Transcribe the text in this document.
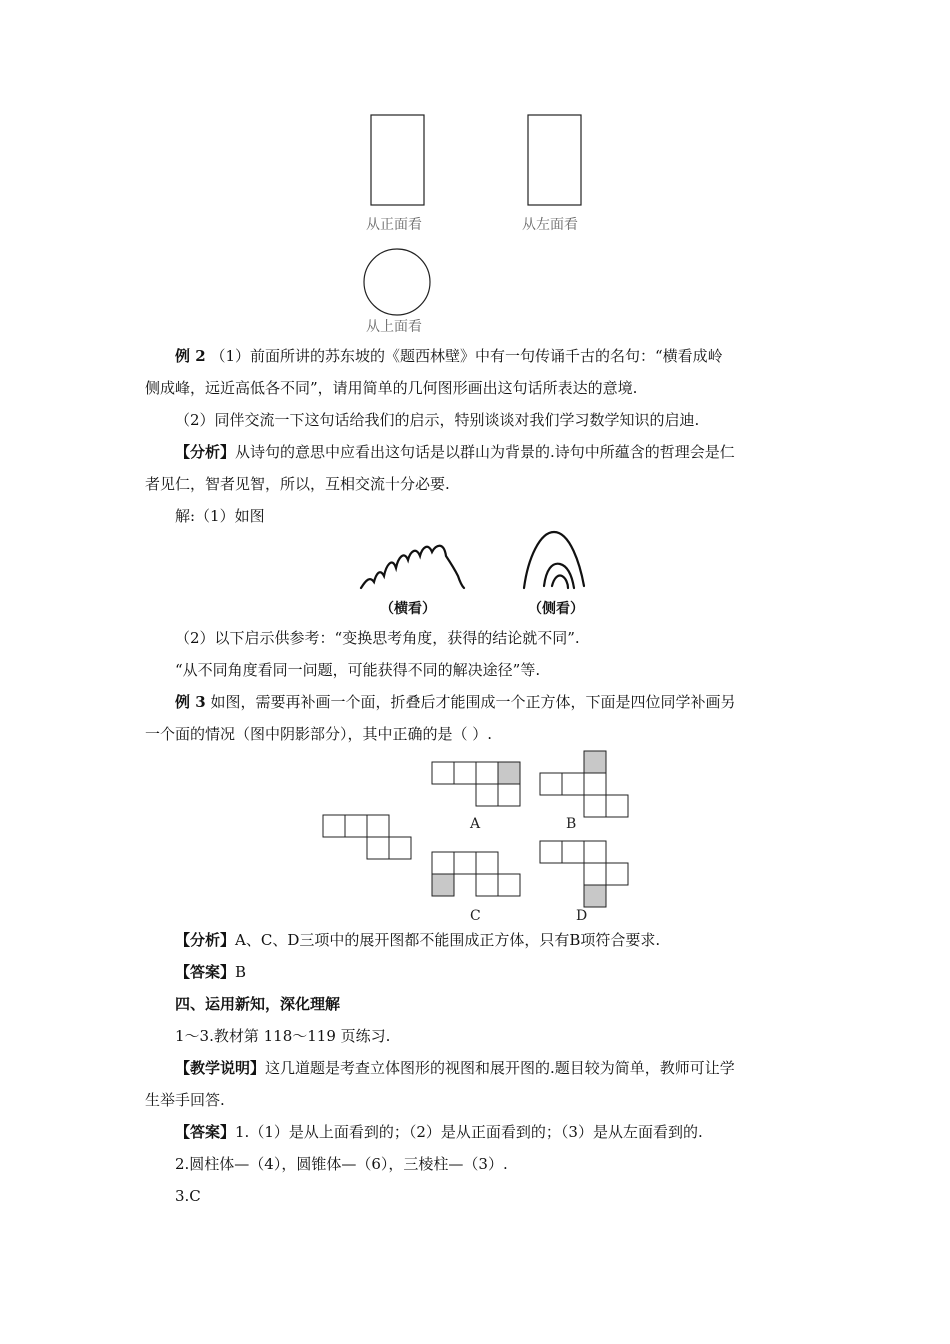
从正面看	从左面看
从上面看
例 2 （1）前面所讲的苏东坡的《题西林壁》中有一句传诵千古的名句：“横看成岭
侧成峰，远近高低各不同”，请用简单的几何图形画出这句话所表达的意境.
（2）同伴交流一下这句话给我们的启示，特别谈谈对我们学习数学知识的启迪.
【分析】从诗句的意思中应看出这句话是以群山为背景的.诗句中所蕴含的哲理会是仁
者见仁，智者见智，所以，互相交流十分必要.
解:（1）如图
（横看）	（侧看）
（2）以下启示供参考：“变换思考角度，获得的结论就不同”.
“从不同角度看同一问题，可能获得不同的解决途径”等.
例 3 如图，需要再补画一个面，折叠后才能围成一个正方体，下面是四位同学补画另
一个面的情况（图中阴影部分），其中正确的是（ ）.
A	B
C	D
【分析】A、C、D三项中的展开图都不能围成正方体，只有B项符合要求.
【答案】B
四、运用新知，深化理解
1～3.教材第 118～119 页练习.
【教学说明】这几道题是考查立体图形的视图和展开图的.题目较为简单，教师可让学
生举手回答.
【答案】1.（1）是从上面看到的；（2）是从正面看到的；（3）是从左面看到的.
2.圆柱体—（4），圆锥体—（6），三棱柱—（3）.
3.C
